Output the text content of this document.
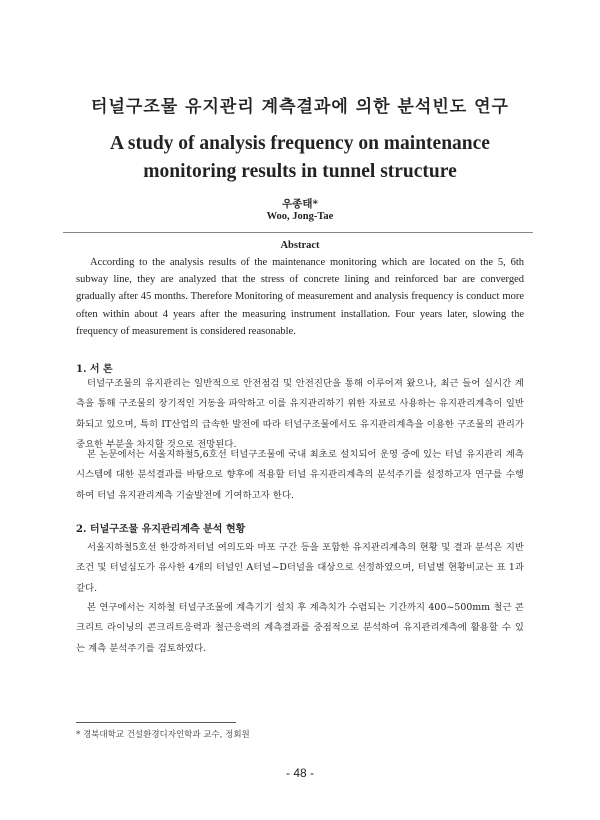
터널구조물 유지관리 계측결과에 의한 분석빈도 연구
A study of analysis frequency on maintenance
monitoring results in tunnel structure
우종태*
Woo, Jong-Tae
Abstract

According to the analysis results of the maintenance monitoring which are located on the 5, 6th subway line, they are analyzed that the stress of concrete lining and reinforced bar are converged gradually after 45 months. Therefore Monitoring of measurement and analysis frequency is conduct more often within about 4 years after the measuring instrument installation. Four years later, slowing the frequency of measurement is considered reasonable.

1. 서 론

터널구조물의 유지관리는 일반적으로 안전점검 및 안전진단을 통해 이루어져 왔으나, 최근 들어 실시간 계측을 통해 구조물의 장기적인 거동을 파악하고 이를 유지관리하기 위한 자료로 사용하는 유지관리계측이 일반화되고 있으며, 특히 IT산업의 급속한 발전에 따라 터널구조물에서도 유지관리계측을 이용한 구조물의 관리가 중요한 부분을 차지할 것으로 전망된다.

본 논문에서는 서울지하철5,6호선 터널구조물에 국내 최초로 설치되어 운영 중에 있는 터널 유지관리 계측 시스템에 대한 분석결과를 바탕으로 향후에 적용할 터널 유지관리계측의 분석주기를 설정하고자 연구를 수행하여 터널 유지관리계측 기술발전에 기여하고자 한다.

2. 터널구조물 유지관리계측 분석 현황

서울지하철5호선 한강하저터널 여의도와 마포 구간 등을 포함한 유지관리계측의 현황 및 결과 분석은 지반조건 및 터널심도가 유사한 4개의 터널인 A터널~D터널을 대상으로 선정하였으며, 터널별 현황비교는 표 1과 같다.

본 연구에서는 지하철 터널구조물에 계측기기 설치 후 계측치가 수렴되는 기간까지 400~500mm 철근 콘크리트 라이닝의 콘크리트응력과 철근응력의 계측결과를 중점적으로 분석하여 유지관리계측에 활용할 수 있는 계측 분석주기를 검토하였다.

* 경북대학교 건설환경디자인학과 교수, 정회원
- 48 -
